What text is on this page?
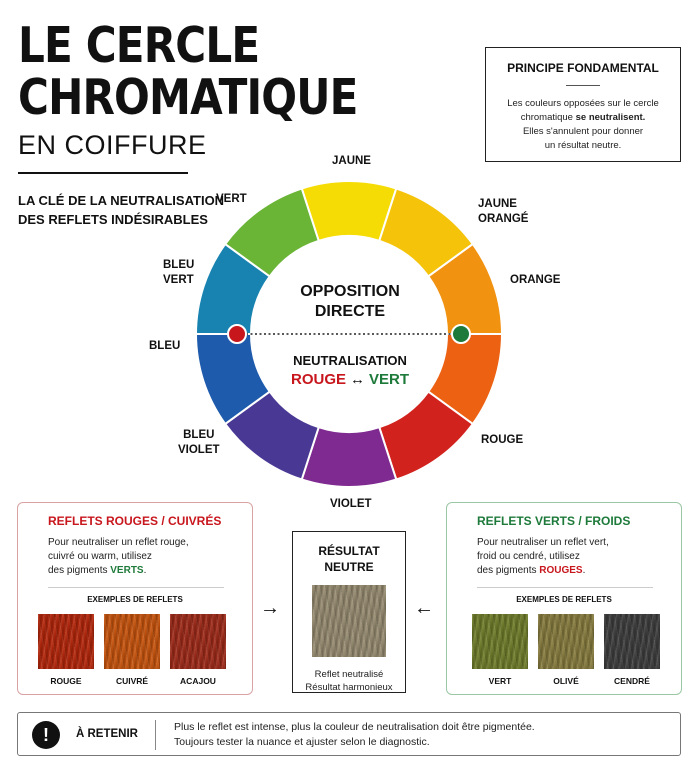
LE CERCLE
CHROMATIQUE
EN COIFFURE
LA CLÉ DE LA NEUTRALISATION
DES REFLETS INDÉSIRABLES
PRINCIPE FONDAMENTAL
Les couleurs opposées sur le cercle
chromatique se neutralisent.
Elles s'annulent pour donner
un résultat neutre.
JAUNE
JAUNE
ORANGÉ
ORANGE
ROUGE
VIOLET
BLEU
VIOLET
BLEU
BLEU
VERT
VERT
OPPOSITION
DIRECTE
NEUTRALISATION
ROUGE ↔ VERT
REFLETS ROUGES / CUIVRÉS
Pour neutraliser un reflet rouge,
cuivré ou warm, utilisez
des pigments VERTS.
EXEMPLES DE REFLETS
ROUGE	CUIVRÉ	ACAJOU
→	←
RÉSULTAT
NEUTRE
Reflet neutralisé
Résultat harmonieux
REFLETS VERTS / FROIDS
Pour neutraliser un reflet vert,
froid ou cendré, utilisez
des pigments ROUGES.
EXEMPLES DE REFLETS
VERT	OLIVÉ	CENDRÉ
!	À RETENIR
Plus le reflet est intense, plus la couleur de neutralisation doit être pigmentée.
Toujours tester la nuance et ajuster selon le diagnostic.
